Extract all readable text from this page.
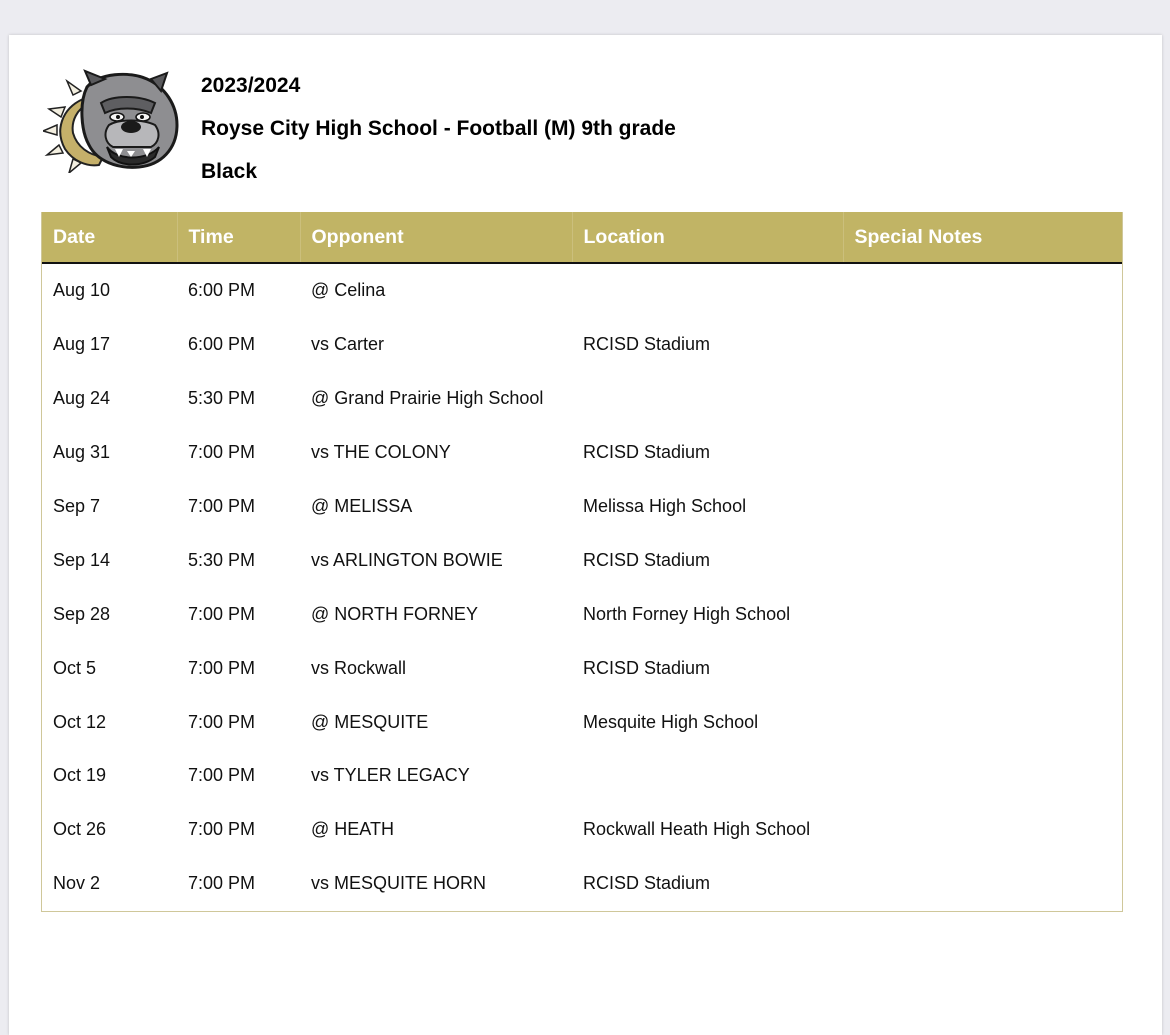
2023/2024
Royse City High School - Football (M) 9th grade
Black
Date	Time	Opponent	Location	Special Notes
Aug 10	6:00 PM	@ Celina		
Aug 17	6:00 PM	vs Carter	RCISD Stadium	
Aug 24	5:30 PM	@ Grand Prairie High School		
Aug 31	7:00 PM	vs THE COLONY	RCISD Stadium	
Sep 7	7:00 PM	@ MELISSA	Melissa High School	
Sep 14	5:30 PM	vs ARLINGTON BOWIE	RCISD Stadium	
Sep 28	7:00 PM	@ NORTH FORNEY	North Forney High School	
Oct 5	7:00 PM	vs Rockwall	RCISD Stadium	
Oct 12	7:00 PM	@ MESQUITE	Mesquite High School	
Oct 19	7:00 PM	vs TYLER LEGACY		
Oct 26	7:00 PM	@ HEATH	Rockwall Heath High School	
Nov 2	7:00 PM	vs MESQUITE HORN	RCISD Stadium	
